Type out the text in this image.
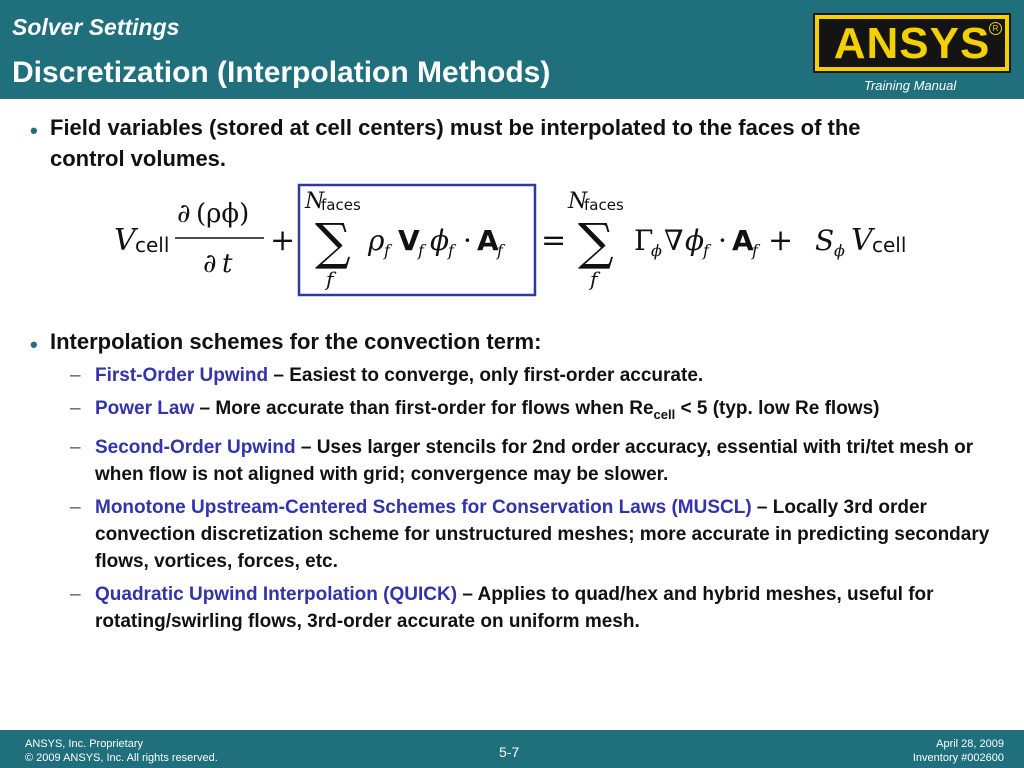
Solver Settings
Discretization (Interpolation Methods)
ANSYS R
Training Manual
• Field variables (stored at cell centers) must be interpolated to the faces of the
control volumes.
V cell
∂ (ρϕ)
∂ t
+
N
faces
∑
f
ρ f V
f ϕ
f · A
f =
N
faces
∑
f
Γ
ϕ ∇ ϕ
f · A
f + S ϕ V cell
• Interpolation schemes for the convection term:
– First-Order Upwind – Easiest to converge, only first-order accurate.
– Power Law – More accurate than first-order for flows when $Re_{cell} < 5$ (typ. low Re flows)
– Second-Order Upwind – Uses larger stencils for 2nd order accuracy, essential with tri/tet mesh or when flow is not aligned with grid; convergence may be slower.
– Monotone Upstream-Centered Schemes for Conservation Laws (MUSCL) – Locally 3rd order convection discretization scheme for unstructured meshes; more accurate in predicting secondary flows, vortices, forces, etc.
– Quadratic Upwind Interpolation (QUICK) – Applies to quad/hex and hybrid meshes, useful for rotating/swirling flows, 3rd-order accurate on uniform mesh.
ANSYS, Inc. Proprietary
© 2009 ANSYS, Inc. All rights reserved.	5-7	April 28, 2009
Inventory #002600
